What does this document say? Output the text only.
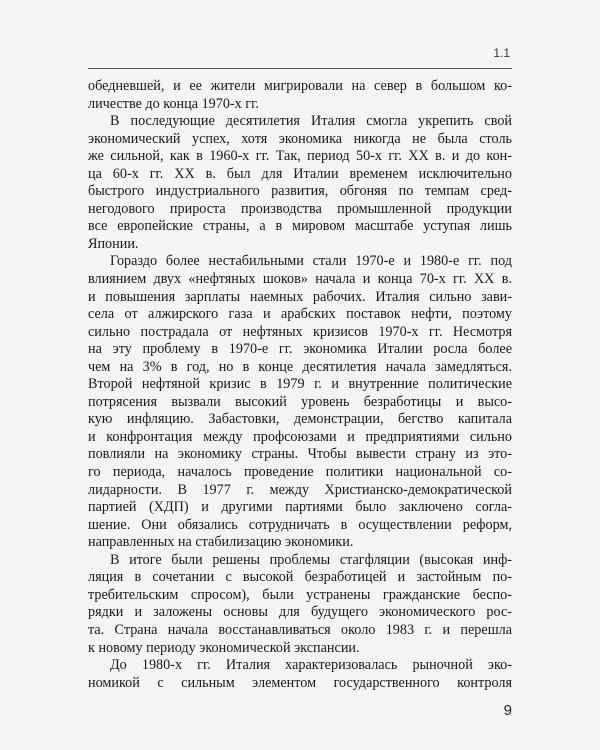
1.1
обедневшей, и ее жители мигрировали на север в большом ко-
личестве до конца 1970-х гг.
В последующие десятилетия Италия смогла укрепить свой
экономический успех, хотя экономика никогда не была столь
же сильной, как в 1960-х гг. Так, период 50-х гг. XX в. и до кон-
ца 60-х гг. XX в. был для Италии временем исключительно
быстрого индустриального развития, обгоняя по темпам сред-
негодового прироста производства промышленной продукции
все европейские страны, а в мировом масштабе уступая лишь
Японии.
Гораздо более нестабильными стали 1970-е и 1980-е гг. под
влиянием двух «нефтяных шоков» начала и конца 70-х гг. XX в.
и повышения зарплаты наемных рабочих. Италия сильно зави-
села от алжирского газа и арабских поставок нефти, поэтому
сильно пострадала от нефтяных кризисов 1970-х гг. Несмотря
на эту проблему в 1970-е гг. экономика Италии росла более
чем на 3% в год, но в конце десятилетия начала замедляться.
Второй нефтяной кризис в 1979 г. и внутренние политические
потрясения вызвали высокий уровень безработицы и высо-
кую инфляцию. Забастовки, демонстрации, бегство капитала
и конфронтация между профсоюзами и предприятиями сильно
повлияли на экономику страны. Чтобы вывести страну из это-
го периода, началось проведение политики национальной со-
лидарности. В 1977 г. между Христианско-демократической
партией (ХДП) и другими партиями было заключено согла-
шение. Они обязались сотрудничать в осуществлении реформ,
направленных на стабилизацию экономики.
В итоге были решены проблемы стагфляции (высокая инф-
ляция в сочетании с высокой безработицей и застойным по-
требительским спросом), были устранены гражданские беспо-
рядки и заложены основы для будущего экономического рос-
та. Страна начала восстанавливаться около 1983 г. и перешла
к новому периоду экономической экспансии.
До 1980-х гг. Италия характеризовалась рыночной эко-
номикой с сильным элементом государственного контроля
9
